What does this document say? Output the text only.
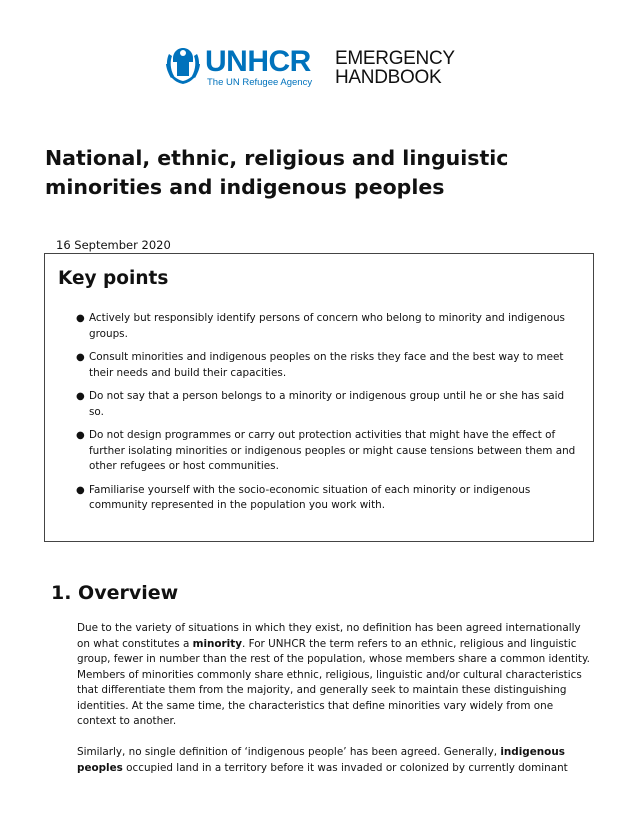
UNHCR
The UN Refugee Agency
EMERGENCY
HANDBOOK
National, ethnic, religious and linguistic minorities and indigenous peoples
16 September 2020
Key points
● Actively but responsibly identify persons of concern who belong to minority and indigenous groups.
● Consult minorities and indigenous peoples on the risks they face and the best way to meet their needs and build their capacities.
● Do not say that a person belongs to a minority or indigenous group until he or she has said so.
● Do not design programmes or carry out protection activities that might have the effect of further isolating minorities or indigenous peoples or might cause tensions between them and other refugees or host communities.
● Familiarise yourself with the socio-economic situation of each minority or indigenous community represented in the population you work with.
1. Overview

Due to the variety of situations in which they exist, no definition has been agreed internationally on what constitutes a minority. For UNHCR the term refers to an ethnic, religious and linguistic group, fewer in number than the rest of the population, whose members share a common identity. Members of minorities commonly share ethnic, religious, linguistic and/or cultural characteristics that differentiate them from the majority, and generally seek to maintain these distinguishing identities. At the same time, the characteristics that define minorities vary widely from one context to another.

Similarly, no single definition of ‘indigenous people’ has been agreed. Generally, indigenous peoples occupied land in a territory before it was invaded or colonized by currently dominant
